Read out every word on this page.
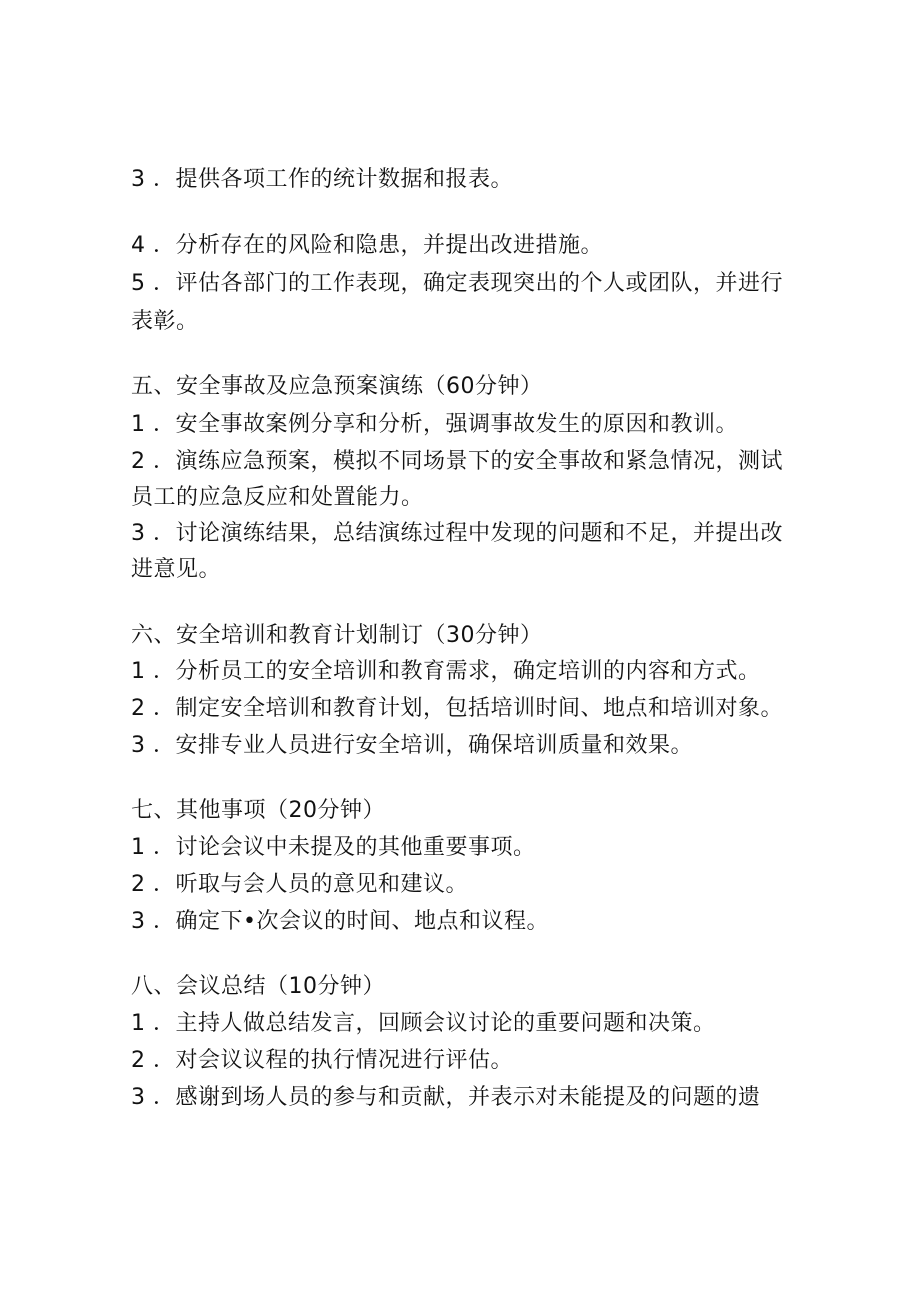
3 ．提供各项工作的统计数据和报表。
4 ．分析存在的风险和隐患，并提出改进措施。
5 ．评估各部门的工作表现，确定表现突出的个人或团队，并进行
表彰。
五、安全事故及应急预案演练（60分钟）
1 ．安全事故案例分享和分析，强调事故发生的原因和教训。
2 ．演练应急预案，模拟不同场景下的安全事故和紧急情况，测试
员工的应急反应和处置能力。
3 ．讨论演练结果，总结演练过程中发现的问题和不足，并提出改
进意见。
六、安全培训和教育计划制订（30分钟）
1 ．分析员工的安全培训和教育需求，确定培训的内容和方式。
2 ．制定安全培训和教育计划，包括培训时间、地点和培训对象。
3 ．安排专业人员进行安全培训，确保培训质量和效果。
七、其他事项（20分钟）
1 ．讨论会议中未提及的其他重要事项。
2 ．听取与会人员的意见和建议。
3 ．确定下•次会议的时间、地点和议程。
八、会议总结（10分钟）
1 ．主持人做总结发言，回顾会议讨论的重要问题和决策。
2 ．对会议议程的执行情况进行评估。
3 ．感谢到场人员的参与和贡献，并表示对未能提及的问题的遗
